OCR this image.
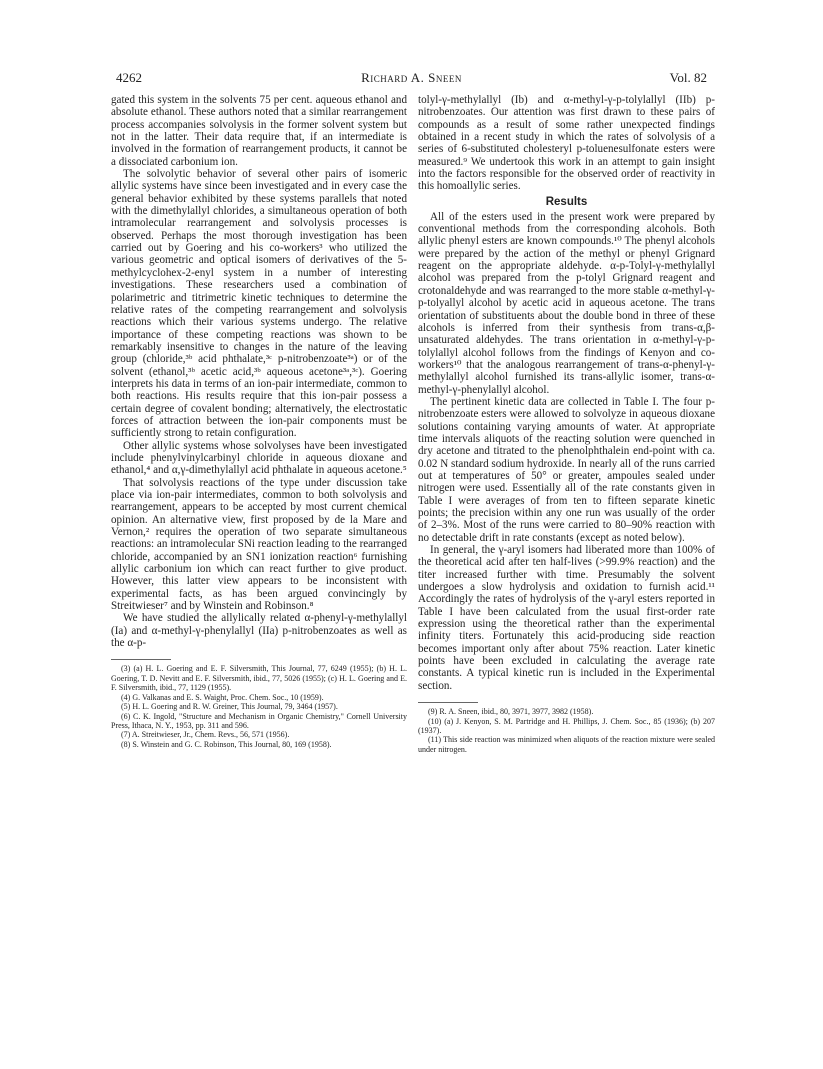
4262	Richard A. Sneen	Vol. 82

gated this system in the solvents 75 per cent. aqueous ethanol and absolute ethanol. These authors noted that a similar rearrangement process accompanies solvolysis in the former solvent system but not in the latter. Their data require that, if an intermediate is involved in the formation of rearrangement products, it cannot be a dissociated carbonium ion.

The solvolytic behavior of several other pairs of isomeric allylic systems have since been investigated and in every case the general behavior exhibited by these systems parallels that noted with the dimethylallyl chlorides, a simultaneous operation of both intramolecular rearrangement and solvolysis processes is observed. Perhaps the most thorough investigation has been carried out by Goering and his co-workers³ who utilized the various geometric and optical isomers of derivatives of the 5-methylcyclohex-2-enyl system in a number of interesting investigations. These researchers used a combination of polarimetric and titrimetric kinetic techniques to determine the relative rates of the competing rearrangement and solvolysis reactions which their various systems undergo. The relative importance of these competing reactions was shown to be remarkably insensitive to changes in the nature of the leaving group (chloride,³ᵇ acid phthalate,³ᶜ p-nitrobenzoate³ᵃ) or of the solvent (ethanol,³ᵇ acetic acid,³ᵇ aqueous acetone³ᵃ,³ᶜ). Goering interprets his data in terms of an ion-pair intermediate, common to both reactions. His results require that this ion-pair possess a certain degree of covalent bonding; alternatively, the electrostatic forces of attraction between the ion-pair components must be sufficiently strong to retain configuration.

Other allylic systems whose solvolyses have been investigated include phenylvinylcarbinyl chloride in aqueous dioxane and ethanol,⁴ and α,γ-dimethylallyl acid phthalate in aqueous acetone.⁵

That solvolysis reactions of the type under discussion take place via ion-pair intermediates, common to both solvolysis and rearrangement, appears to be accepted by most current chemical opinion. An alternative view, first proposed by de la Mare and Vernon,² requires the operation of two separate simultaneous reactions: an intramolecular SNi reaction leading to the rearranged chloride, accompanied by an SN1 ionization reaction⁶ furnishing allylic carbonium ion which can react further to give product. However, this latter view appears to be inconsistent with experimental facts, as has been argued convincingly by Streitwieser⁷ and by Winstein and Robinson.⁸

We have studied the allylically related α-phenyl-γ-methylallyl (Ia) and α-methyl-γ-phenylallyl (IIa) p-nitrobenzoates as well as the α-p-

(3) (a) H. L. Goering and E. F. Silversmith, This Journal, 77, 6249 (1955); (b) H. L. Goering, T. D. Nevitt and E. F. Silversmith, ibid., 77, 5026 (1955); (c) H. L. Goering and E. F. Silversmith, ibid., 77, 1129 (1955).

(4) G. Valkanas and E. S. Waight, Proc. Chem. Soc., 10 (1959).

(5) H. L. Goering and R. W. Greiner, This Journal, 79, 3464 (1957).

(6) C. K. Ingold, "Structure and Mechanism in Organic Chemistry," Cornell University Press, Ithaca, N. Y., 1953, pp. 311 and 596.

(7) A. Streitwieser, Jr., Chem. Revs., 56, 571 (1956).

(8) S. Winstein and G. C. Robinson, This Journal, 80, 169 (1958).

tolyl-γ-methylallyl (Ib) and α-methyl-γ-p-tolylallyl (IIb) p-nitrobenzoates. Our attention was first drawn to these pairs of compounds as a result of some rather unexpected findings obtained in a recent study in which the rates of solvolysis of a series of 6-substituted cholesteryl p-toluenesulfonate esters were measured.⁹ We undertook this work in an attempt to gain insight into the factors responsible for the observed order of reactivity in this homoallylic series.

Results

All of the esters used in the present work were prepared by conventional methods from the corresponding alcohols. Both allylic phenyl esters are known compounds.¹⁰ The phenyl alcohols were prepared by the action of the methyl or phenyl Grignard reagent on the appropriate aldehyde. α-p-Tolyl-γ-methylallyl alcohol was prepared from the p-tolyl Grignard reagent and crotonaldehyde and was rearranged to the more stable α-methyl-γ-p-tolyallyl alcohol by acetic acid in aqueous acetone. The trans orientation of substituents about the double bond in three of these alcohols is inferred from their synthesis from trans-α,β-unsaturated aldehydes. The trans orientation in α-methyl-γ-p-tolylallyl alcohol follows from the findings of Kenyon and co-workers¹⁰ that the analogous rearrangement of trans-α-phenyl-γ-methylallyl alcohol furnished its trans-allylic isomer, trans-α-methyl-γ-phenylallyl alcohol.

The pertinent kinetic data are collected in Table I. The four p-nitrobenzoate esters were allowed to solvolyze in aqueous dioxane solutions containing varying amounts of water. At appropriate time intervals aliquots of the reacting solution were quenched in dry acetone and titrated to the phenolphthalein end-point with ca. 0.02 N standard sodium hydroxide. In nearly all of the runs carried out at temperatures of 50° or greater, ampoules sealed under nitrogen were used. Essentially all of the rate constants given in Table I were averages of from ten to fifteen separate kinetic points; the precision within any one run was usually of the order of 2–3%. Most of the runs were carried to 80–90% reaction with no detectable drift in rate constants (except as noted below).

In general, the γ-aryl isomers had liberated more than 100% of the theoretical acid after ten half-lives (>99.9% reaction) and the titer increased further with time. Presumably the solvent undergoes a slow hydrolysis and oxidation to furnish acid.¹¹ Accordingly the rates of hydrolysis of the γ-aryl esters reported in Table I have been calculated from the usual first-order rate expression using the theoretical rather than the experimental infinity titers. Fortunately this acid-producing side reaction becomes important only after about 75% reaction. Later kinetic points have been excluded in calculating the average rate constants. A typical kinetic run is included in the Experimental section.

(9) R. A. Sneen, ibid., 80, 3971, 3977, 3982 (1958).

(10) (a) J. Kenyon, S. M. Partridge and H. Phillips, J. Chem. Soc., 85 (1936); (b) 207 (1937).

(11) This side reaction was minimized when aliquots of the reaction mixture were sealed under nitrogen.
